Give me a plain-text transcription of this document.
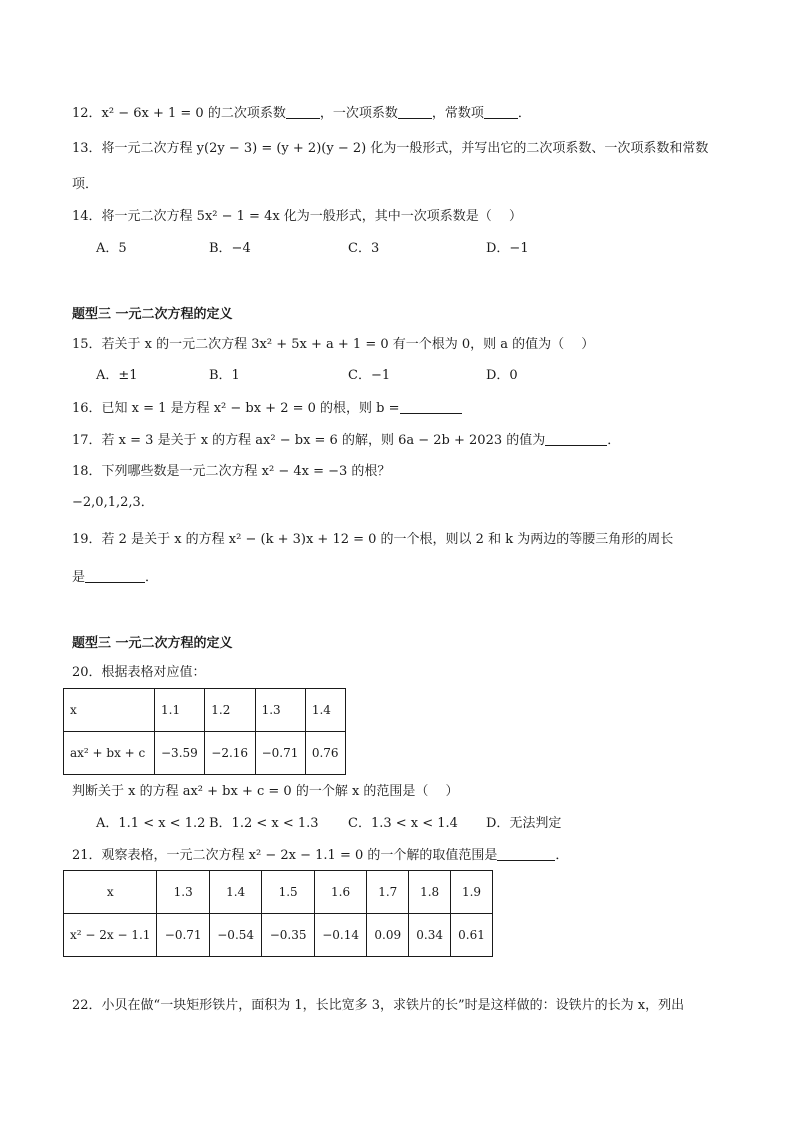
12．x² − 6x + 1 = 0 的二次项系数	，一次项系数	，常数项	．
13．将一元二次方程 y(2y − 3) = (y + 2)(y − 2) 化为一般形式，并写出它的二次项系数、一次项系数和常数
项．
14．将一元二次方程 5x² − 1 = 4x 化为一般形式，其中一次项系数是（　 ）
A．5	B．−4	C．3	D．−1
题型三 一元二次方程的定义
15．若关于 x 的一元二次方程 3x² + 5x + a + 1 = 0 有一个根为 0，则 a 的值为（　 ）
A．±1	B．1	C．−1	D．0
16．已知 x = 1 是方程 x² − bx + 2 = 0 的根，则 b =
17．若 x = 3 是关于 x 的方程 ax² − bx = 6 的解，则 6a − 2b + 2023 的值为	．
18．下列哪些数是一元二次方程 x² − 4x = −3 的根？
−2,0,1,2,3．
19．若 2 是关于 x 的方程 x² − (k + 3)x + 12 = 0 的一个根，则以 2 和 k 为两边的等腰三角形的周长
是	．
题型三 一元二次方程的定义
20．根据表格对应值：
x	1.1	1.2	1.3	1.4
ax² + bx + c	−3.59	−2.16	−0.71	0.76
判断关于 x 的方程 ax² + bx + c = 0 的一个解 x 的范围是（　 ）
A．1.1 < x < 1.2 B．1.2 < x < 1.3 C．1.3 < x < 1.4 D．无法判定
21．观察表格，一元二次方程 x² − 2x − 1.1 = 0 的一个解的取值范围是	．
x	1.3	1.4	1.5	1.6	1.7	1.8	1.9
x² − 2x − 1.1	−0.71	−0.54	−0.35	−0.14	0.09	0.34	0.61
22．小贝在做“一块矩形铁片，面积为 1，长比宽多 3，求铁片的长”时是这样做的：设铁片的长为 x，列出
